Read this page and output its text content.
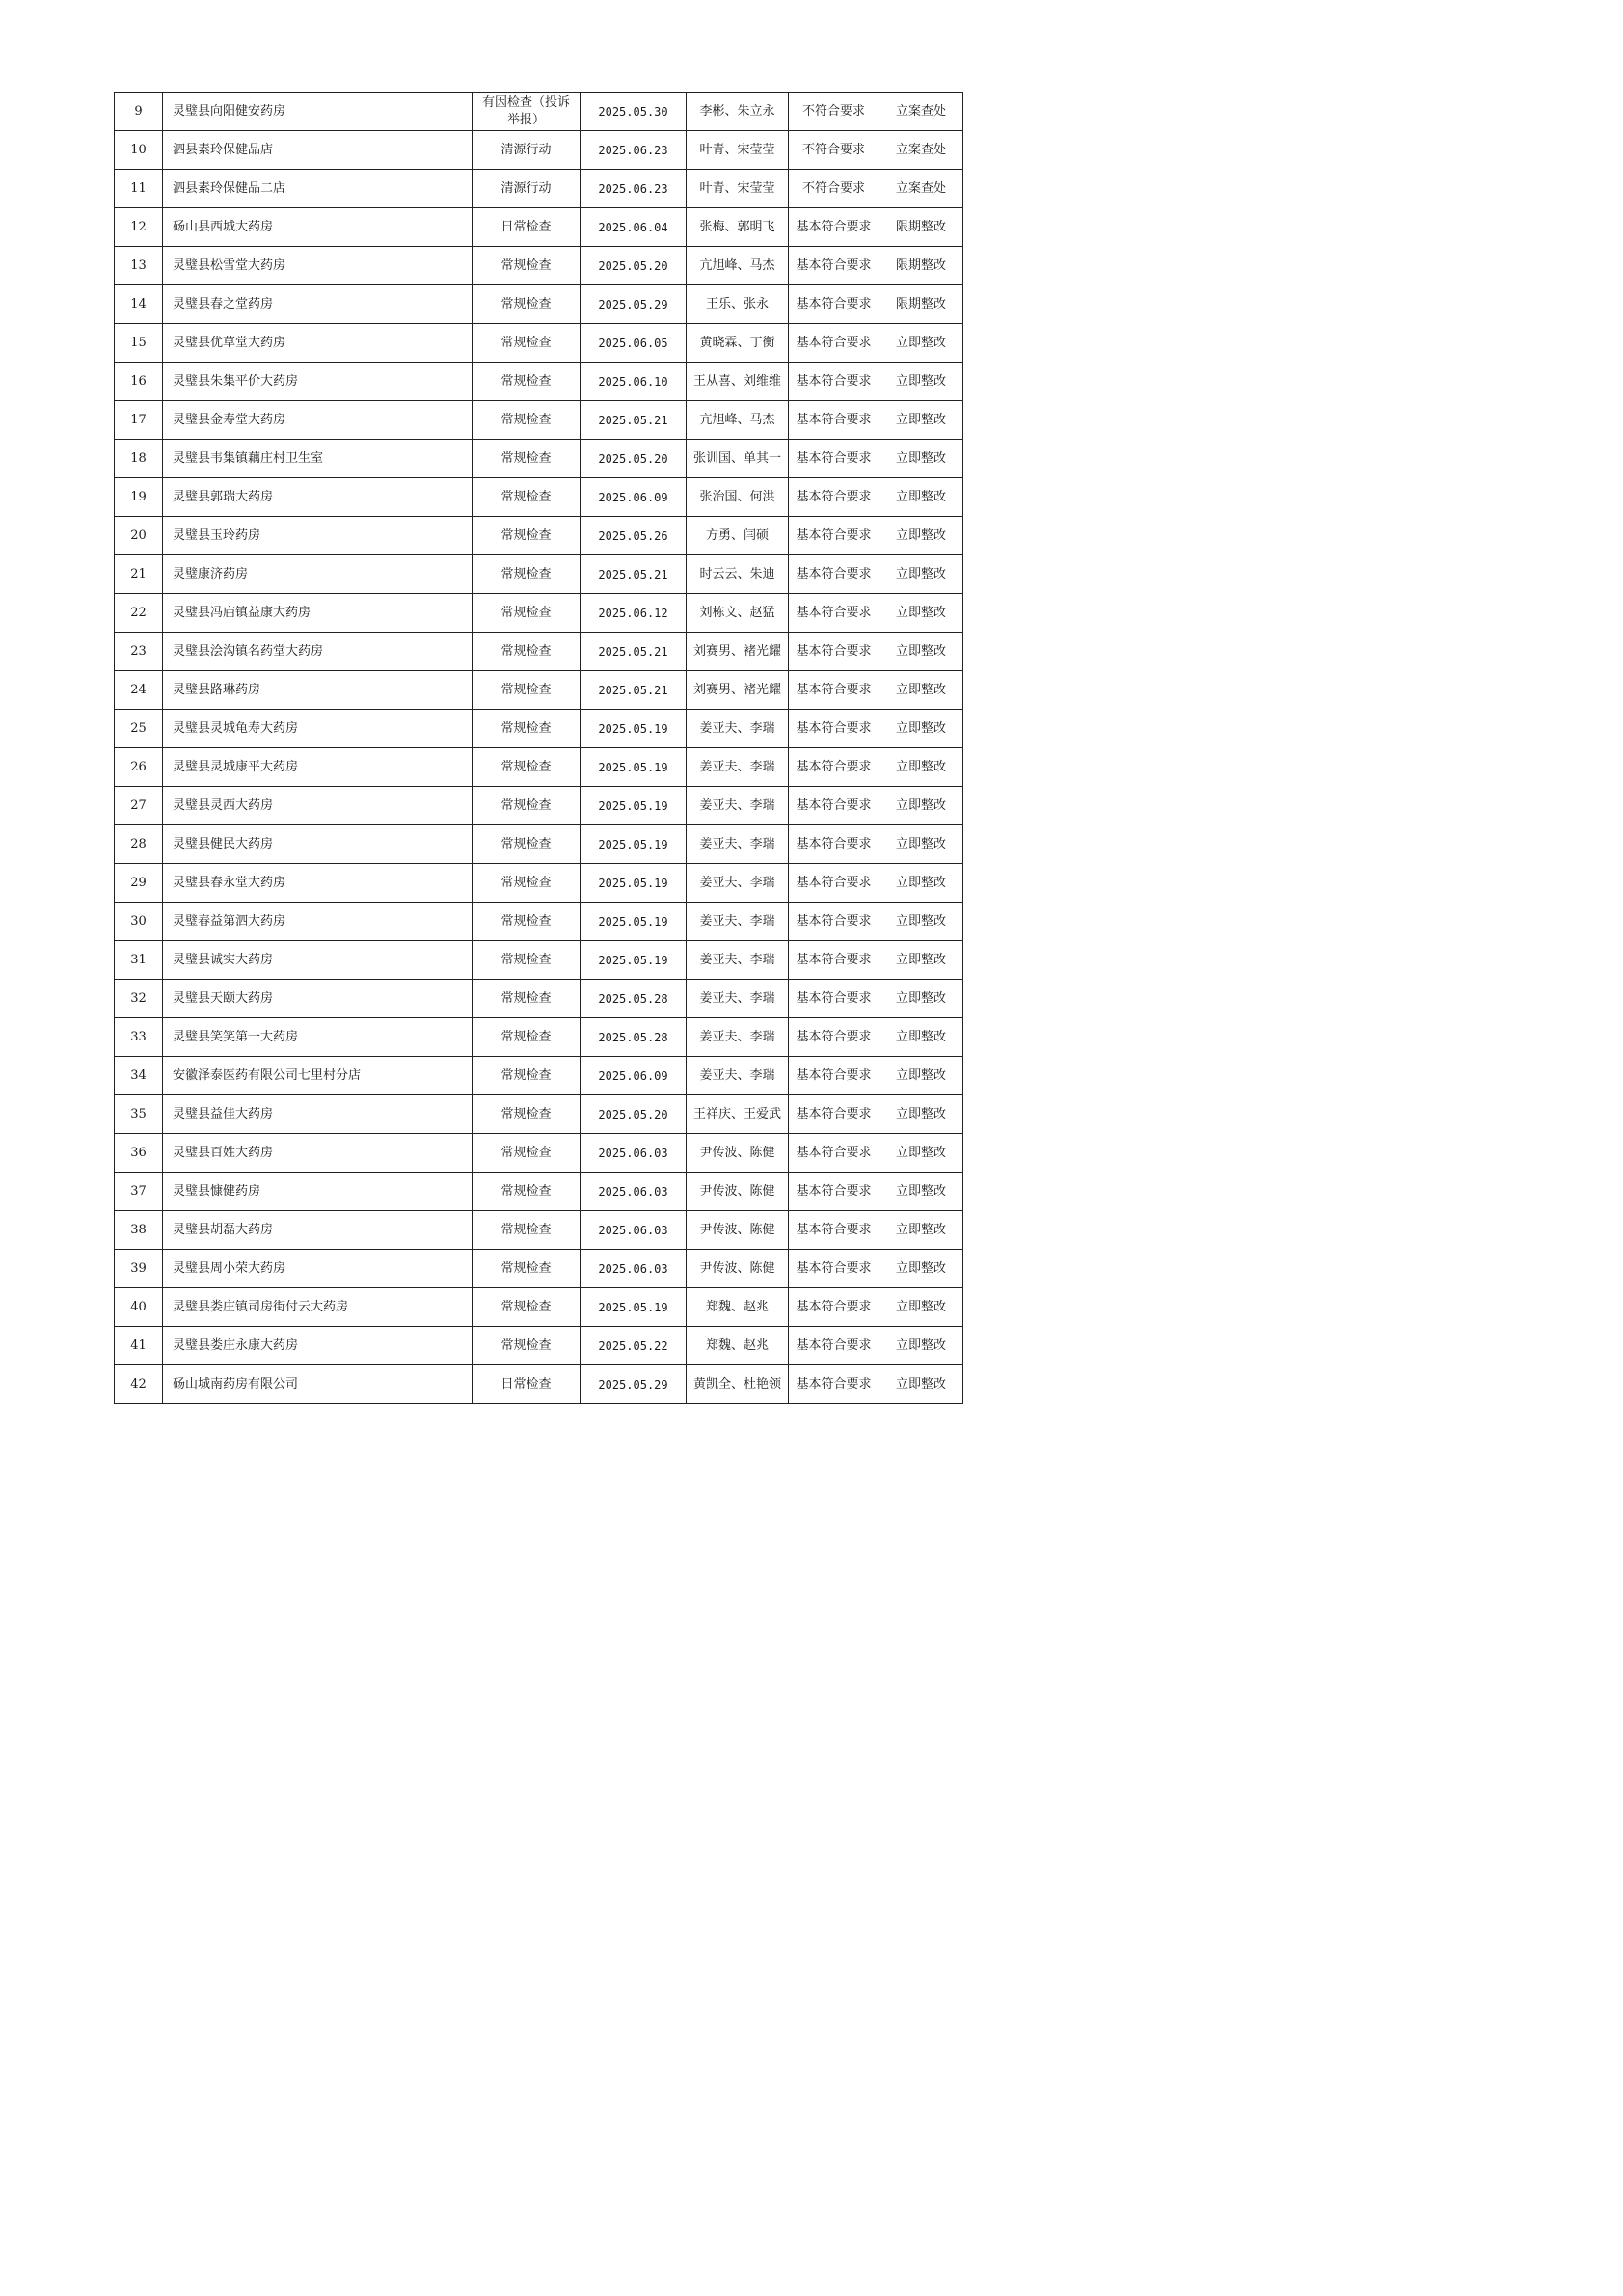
9	灵璧县向阳健安药房	有因检查（投诉举报）	2025.05.30	李彬、朱立永	不符合要求	立案查处
10	泗县素玲保健品店	清源行动	2025.06.23	叶青、宋莹莹	不符合要求	立案查处
11	泗县素玲保健品二店	清源行动	2025.06.23	叶青、宋莹莹	不符合要求	立案查处
12	砀山县西城大药房	日常检查	2025.06.04	张梅、郭明飞	基本符合要求	限期整改
13	灵璧县松雪堂大药房	常规检查	2025.05.20	亢旭峰、马杰	基本符合要求	限期整改
14	灵璧县春之堂药房	常规检查	2025.05.29	王乐、张永	基本符合要求	限期整改
15	灵璧县优草堂大药房	常规检查	2025.06.05	黄晓霖、丁衡	基本符合要求	立即整改
16	灵璧县朱集平价大药房	常规检查	2025.06.10	王从喜、刘维维	基本符合要求	立即整改
17	灵璧县金寿堂大药房	常规检查	2025.05.21	亢旭峰、马杰	基本符合要求	立即整改
18	灵璧县韦集镇藕庄村卫生室	常规检查	2025.05.20	张训国、单其一	基本符合要求	立即整改
19	灵璧县郭瑞大药房	常规检查	2025.06.09	张治国、何洪	基本符合要求	立即整改
20	灵璧县玉玲药房	常规检查	2025.05.26	方勇、闫硕	基本符合要求	立即整改
21	灵璧康济药房	常规检查	2025.05.21	时云云、朱迪	基本符合要求	立即整改
22	灵璧县冯庙镇益康大药房	常规检查	2025.06.12	刘栋文、赵猛	基本符合要求	立即整改
23	灵璧县浍沟镇名药堂大药房	常规检查	2025.05.21	刘赛男、褚光耀	基本符合要求	立即整改
24	灵璧县路琳药房	常规检查	2025.05.21	刘赛男、褚光耀	基本符合要求	立即整改
25	灵璧县灵城龟寿大药房	常规检查	2025.05.19	姜亚夫、李瑞	基本符合要求	立即整改
26	灵璧县灵城康平大药房	常规检查	2025.05.19	姜亚夫、李瑞	基本符合要求	立即整改
27	灵璧县灵西大药房	常规检查	2025.05.19	姜亚夫、李瑞	基本符合要求	立即整改
28	灵璧县健民大药房	常规检查	2025.05.19	姜亚夫、李瑞	基本符合要求	立即整改
29	灵璧县春永堂大药房	常规检查	2025.05.19	姜亚夫、李瑞	基本符合要求	立即整改
30	灵璧春益第泗大药房	常规检查	2025.05.19	姜亚夫、李瑞	基本符合要求	立即整改
31	灵璧县诚实大药房	常规检查	2025.05.19	姜亚夫、李瑞	基本符合要求	立即整改
32	灵璧县天颐大药房	常规检查	2025.05.28	姜亚夫、李瑞	基本符合要求	立即整改
33	灵璧县笑笑第一大药房	常规检查	2025.05.28	姜亚夫、李瑞	基本符合要求	立即整改
34	安徽泽泰医药有限公司七里村分店	常规检查	2025.06.09	姜亚夫、李瑞	基本符合要求	立即整改
35	灵璧县益佳大药房	常规检查	2025.05.20	王祥庆、王爱武	基本符合要求	立即整改
36	灵璧县百姓大药房	常规检查	2025.06.03	尹传波、陈健	基本符合要求	立即整改
37	灵璧县慷健药房	常规检查	2025.06.03	尹传波、陈健	基本符合要求	立即整改
38	灵璧县胡磊大药房	常规检查	2025.06.03	尹传波、陈健	基本符合要求	立即整改
39	灵璧县周小荣大药房	常规检查	2025.06.03	尹传波、陈健	基本符合要求	立即整改
40	灵璧县娄庄镇司房街付云大药房	常规检查	2025.05.19	郑魏、赵兆	基本符合要求	立即整改
41	灵璧县娄庄永康大药房	常规检查	2025.05.22	郑魏、赵兆	基本符合要求	立即整改
42	砀山城南药房有限公司	日常检查	2025.05.29	黄凯全、杜艳领	基本符合要求	立即整改
